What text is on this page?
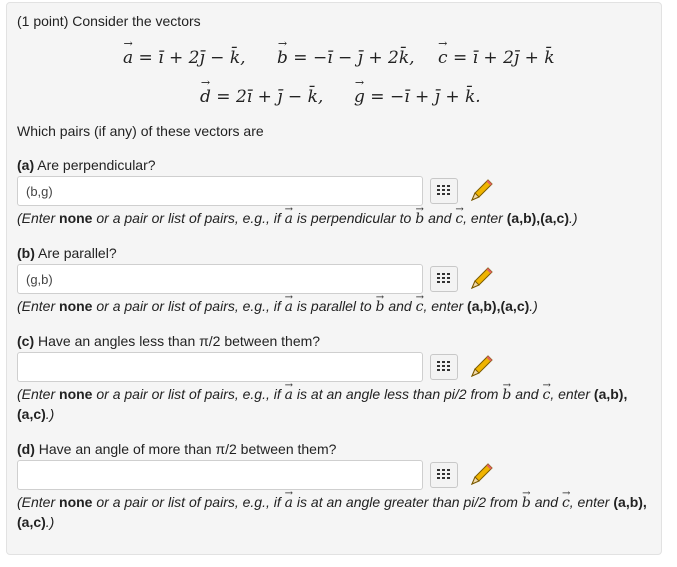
(1 point) Consider the vectors
→ a = ī + 2j̄ − k̄, → b = −ī − j̄ + 2k̄, → c = ī + 2j̄ + k̄
→ d = 2ī + j̄ − k̄, → g = −ī + j̄ + k̄.
Which pairs (if any) of these vectors are
(a) Are perpendicular?
(b,g)
(Enter none or a pair or list of pairs, e.g., if → a is perpendicular to → b and → c, enter (a,b),(a,c).)
(b) Are parallel?
(g,b)
(Enter none or a pair or list of pairs, e.g., if → a is parallel to → b and → c, enter (a,b),(a,c).)
(c) Have an angles less than π/2 between them?
(Enter none or a pair or list of pairs, e.g., if → a is at an angle less than pi/2 from → b and → c, enter (a,b), (a,c).)
(d) Have an angle of more than π/2 between them?
(Enter none or a pair or list of pairs, e.g., if → a is at an angle greater than pi/2 from → b and → c, enter (a,b), (a,c).)
